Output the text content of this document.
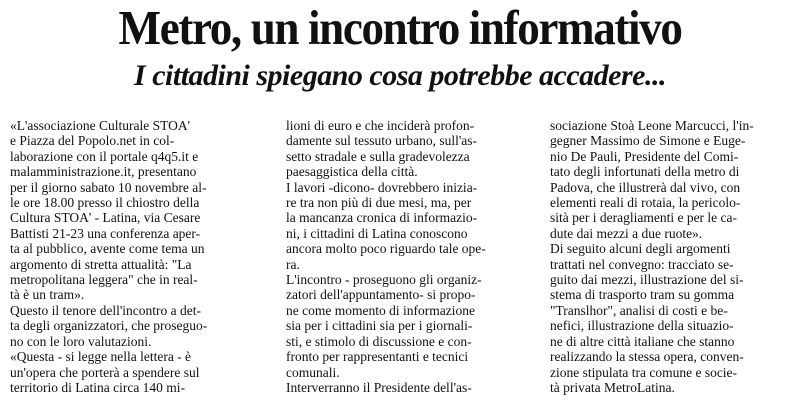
Metro, un incontro informativo
I cittadini spiegano cosa potrebbe accadere...
«L'associazione Culturale STOA'
e Piazza del Popolo.net in col-
laborazione con il portale q4q5.it e
malamministrazione.it, presentano
per il giorno sabato 10 novembre al-
le ore 18.00 presso il chiostro della
Cultura STOA' - Latina, via Cesare
Battisti 21-23 una conferenza aper-
ta al pubblico, avente come tema un
argomento di stretta attualità: "La
metropolitana leggera" che in real-
tà è un tram».
Questo il tenore dell'incontro a det-
ta degli organizzatori, che proseguo-
no con le loro valutazioni.
«Questa - si legge nella lettera - è
un'opera che porterà a spendere sul
territorio di Latina circa 140 mi-
lioni di euro e che inciderà profon-
damente sul tessuto urbano, sull'as-
setto stradale e sulla gradevolezza
paesaggistica della città.
I lavori -dicono- dovrebbero inizia-
re tra non più di due mesi, ma, per
la mancanza cronica di informazio-
ni, i cittadini di Latina conoscono
ancora molto poco riguardo tale ope-
ra.
L'incontro - proseguono gli organiz-
zatori dell'appuntamento- si propo-
ne come momento di informazione
sia per i cittadini sia per i giornali-
sti, e stimolo di discussione e con-
fronto per rappresentanti e tecnici
comunali.
Interverranno il Presidente dell'as-
sociazione Stoà Leone Marcucci, l'in-
gegner Massimo de Simone e Euge-
nio De Pauli, Presidente del Comi-
tato degli infortunati della metro di
Padova, che illustrerà dal vivo, con
elementi reali di rotaia, la pericolo-
sità per i deragliamenti e per le ca-
dute dai mezzi a due ruote».
Di seguito alcuni degli argomenti
trattati nel convegno: tracciato se-
guito dai mezzi, illustrazione del si-
stema di trasporto tram su gomma
"Translhor", analisi di costi e be-
nefici, illustrazione della situazio-
ne di altre città italiane che stanno
realizzando la stessa opera, conven-
zione stipulata tra comune e socie-
tà privata MetroLatina.
